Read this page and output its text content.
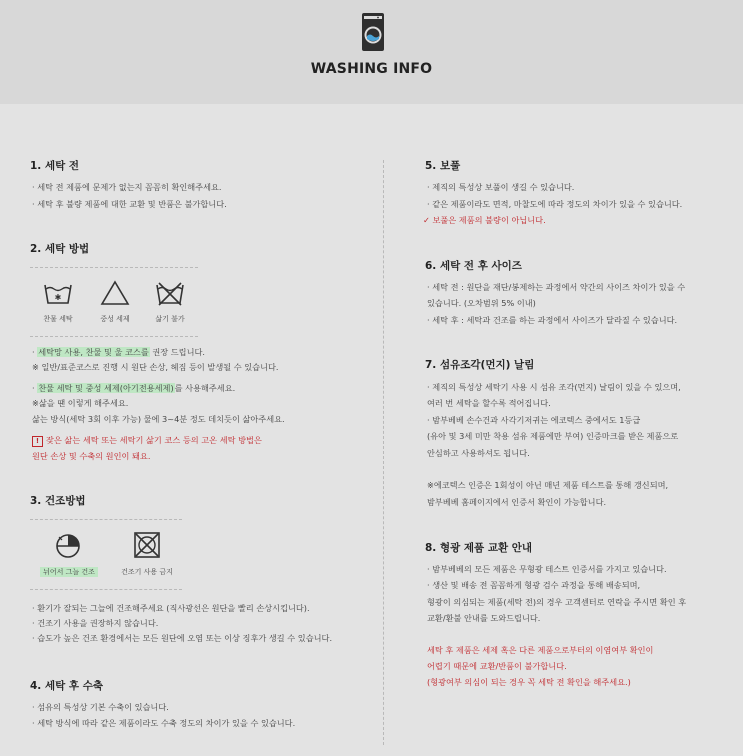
WASHING INFO
1. 세탁 전
· 세탁 전 제품에 문제가 없는지 꼼꼼히 확인해주세요.
· 세탁 후 불량 제품에 대한 교환 및 반품은 불가합니다.
2. 세탁 방법
✱
찬물 세탁	중성 세제	삶기 불가
· 세탁망 사용, 찬물 및 울 코스를 권장 드립니다.
※ 일반/표준코스로 진행 시 원단 손상, 헤짐 등이 발생될 수 있습니다.
· 찬물 세탁 및 중성 세제(아기전용세제)를 사용해주세요.
※삶을 땐 이렇게 해주세요.
삶는 방식(세탁 3회 이후 가능) 물에 3~4분 정도 데치듯이 삶아주세요.
! 잦은 삶는 세탁 또는 세탁기 삶기 코스 등의 고온 세탁 방법은
원단 손상 및 수축의 원인이 돼요.
3. 건조방법
뉘어서 그늘 건조	건조기 사용 금지
· 환기가 잘되는 그늘에 건조해주세요 (직사광선은 원단을 빨리 손상시킵니다).
· 건조기 사용을 권장하지 않습니다.
· 습도가 높은 건조 환경에서는 모든 원단에 오염 또는 이상 징후가 생길 수 있습니다.
4. 세탁 후 수축
· 섬유의 특성상 기본 수축이 있습니다.
· 세탁 방식에 따라 같은 제품이라도 수축 정도의 차이가 있을 수 있습니다.
5. 보풀
· 제직의 특성상 보풀이 생길 수 있습니다.
· 같은 제품이라도 면적, 마찰도에 따라 정도의 차이가 있을 수 있습니다.
✓ 보풀은 제품의 불량이 아닙니다.
6. 세탁 전 후 사이즈
· 세탁 전 : 원단을 재단/봉제하는 과정에서 약간의 사이즈 차이가 있을 수
있습니다. (오차범위 5% 이내)
· 세탁 후 : 세탁과 건조를 하는 과정에서 사이즈가 달라질 수 있습니다.
7. 섬유조각(먼지) 날림
· 제직의 특성상 세탁기 사용 시 섬유 조각(먼지) 날림이 있을 수 있으며,
여러 번 세탁을 할수록 적어집니다.
· 밤부베베 손수건과 사각기저귀는 에코텍스 중에서도 1등급
(유아 및 3세 미만 착용 섬유 제품에만 부여) 인증마크를 받은 제품으로
안심하고 사용하셔도 됩니다.
※에코텍스 인증은 1회성이 아닌 매년 제품 테스트를 통해 갱신되며,
밤부베베 홈페이지에서 인증서 확인이 가능합니다.
8. 형광 제품 교환 안내
· 밤부베베의 모든 제품은 무형광 테스트 인증서를 가지고 있습니다.
· 생산 및 배송 전 꼼꼼하게 형광 검수 과정을 통해 배송되며,
형광이 의심되는 제품(세탁 전)의 경우 고객센터로 연락을 주시면 확인 후
교환/환불 안내를 도와드립니다.
세탁 후 제품은 세제 혹은 다른 제품으로부터의 이염여부 확인이
어렵기 때문에 교환/반품이 불가합니다.
(형광여부 의심이 되는 경우 꼭 세탁 전 확인을 해주세요.)
